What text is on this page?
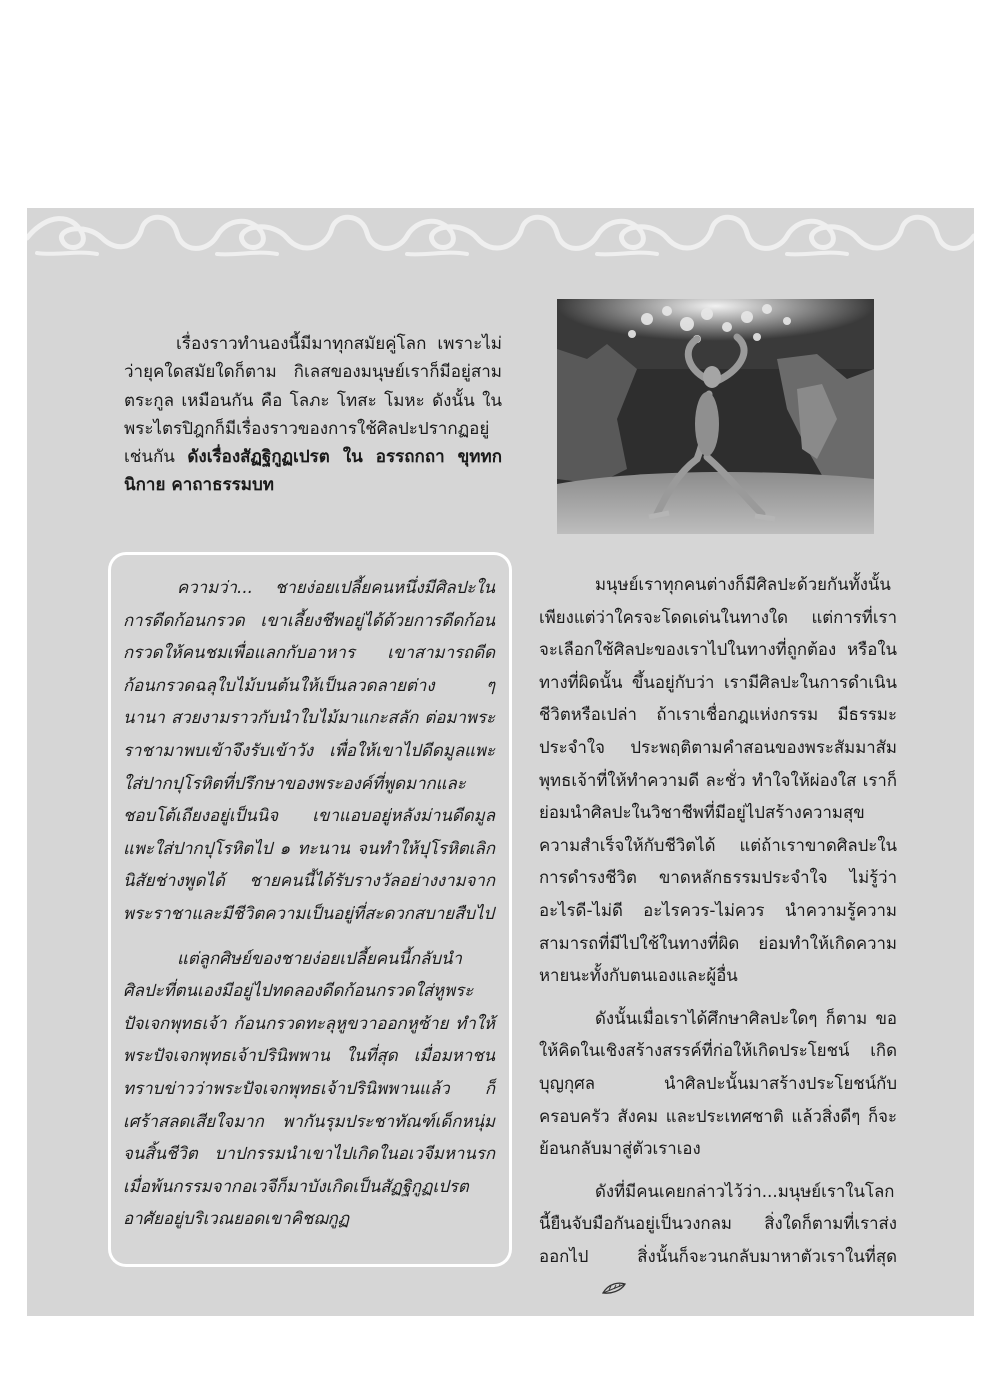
เรื่องราวทำนองนี้มีมาทุกสมัยคู่โลก เพราะไม่ว่ายุคใดสมัยใดก็ตาม กิเลสของมนุษย์เราก็มีอยู่สามตระกูล เหมือนกัน คือ โลภะ โทสะ โมหะ ดังนั้น ในพระไตรปิฎกก็มีเรื่องราวของการใช้ศิลปะปรากฏอยู่เช่นกัน ดังเรื่องสัฏฐิกูฏเปรต ใน อรรถกถา ขุททกนิกาย คาถาธรรมบท

ความว่า... ชายง่อยเปลี้ยคนหนึ่งมีศิลปะในการดีดก้อนกรวด เขาเลี้ยงชีพอยู่ได้ด้วยการดีดก้อนกรวดให้คนชมเพื่อแลกกับอาหาร เขาสามารถดีดก้อนกรวดฉลุใบไม้บนต้นให้เป็นลวดลายต่าง ๆ นานา สวยงามราวกับนำใบไม้มาแกะสลัก ต่อมาพระราชามาพบเข้าจึงรับเข้าวัง เพื่อให้เขาไปดีดมูลแพะใส่ปากปุโรหิตที่ปรึกษาของพระองค์ที่พูดมากและชอบโต้เถียงอยู่เป็นนิจ เขาแอบอยู่หลังม่านดีดมูลแพะใส่ปากปุโรหิตไป ๑ ทะนาน จนทำให้ปุโรหิตเลิกนิสัยช่างพูดได้ ชายคนนี้ได้รับรางวัลอย่างงามจากพระราชาและมีชีวิตความเป็นอยู่ที่สะดวกสบายสืบไป

แต่ลูกศิษย์ของชายง่อยเปลี้ยคนนี้กลับนำศิลปะที่ตนเองมีอยู่ไปทดลองดีดก้อนกรวดใส่หูพระปัจเจกพุทธเจ้า ก้อนกรวดทะลุหูขวาออกหูซ้าย ทำให้พระปัจเจกพุทธเจ้าปรินิพพาน ในที่สุด เมื่อมหาชนทราบข่าวว่าพระปัจเจกพุทธเจ้าปรินิพพานแล้ว ก็เศร้าสลดเสียใจมาก พากันรุมประชาทัณฑ์เด็กหนุ่มจนสิ้นชีวิต บาปกรรมนำเขาไปเกิดในอเวจีมหานรก เมื่อพ้นกรรมจากอเวจีก็มาบังเกิดเป็นสัฏฐิกูฏเปรต อาศัยอยู่บริเวณยอดเขาคิชฌกูฏ

มนุษย์เราทุกคนต่างก็มีศิลปะด้วยกันทั้งนั้น เพียงแต่ว่าใครจะโดดเด่นในทางใด แต่การที่เราจะเลือกใช้ศิลปะของเราไปในทางที่ถูกต้อง หรือในทางที่ผิดนั้น ขึ้นอยู่กับว่า เรามีศิลปะในการดำเนินชีวิตหรือเปล่า ถ้าเราเชื่อกฎแห่งกรรม มีธรรมะประจำใจ ประพฤติตามคำสอนของพระสัมมาสัมพุทธเจ้าที่ให้ทำความดี ละชั่ว ทำใจให้ผ่องใส เราก็ย่อมนำศิลปะในวิชาชีพที่มีอยู่ไปสร้างความสุขความสำเร็จให้กับชีวิตได้ แต่ถ้าเราขาดศิลปะในการดำรงชีวิต ขาดหลักธรรมประจำใจ ไม่รู้ว่าอะไรดี-ไม่ดี อะไรควร-ไม่ควร นำความรู้ความสามารถที่มีไปใช้ในทางที่ผิด ย่อมทำให้เกิดความหายนะทั้งกับตนเองและผู้อื่น

ดังนั้นเมื่อเราได้ศึกษาศิลปะใดๆ ก็ตาม ขอให้คิดในเชิงสร้างสรรค์ที่ก่อให้เกิดประโยชน์ เกิดบุญกุศล นำศิลปะนั้นมาสร้างประโยชน์กับครอบครัว สังคม และประเทศชาติ แล้วสิ่งดีๆ ก็จะย้อนกลับมาสู่ตัวเราเอง

ดังที่มีคนเคยกล่าวไว้ว่า...มนุษย์เราในโลกนี้ยืนจับมือกันอยู่เป็นวงกลม สิ่งใดก็ตามที่เราส่งออกไป สิ่งนั้นก็จะวนกลับมาหาตัวเราในที่สุด
